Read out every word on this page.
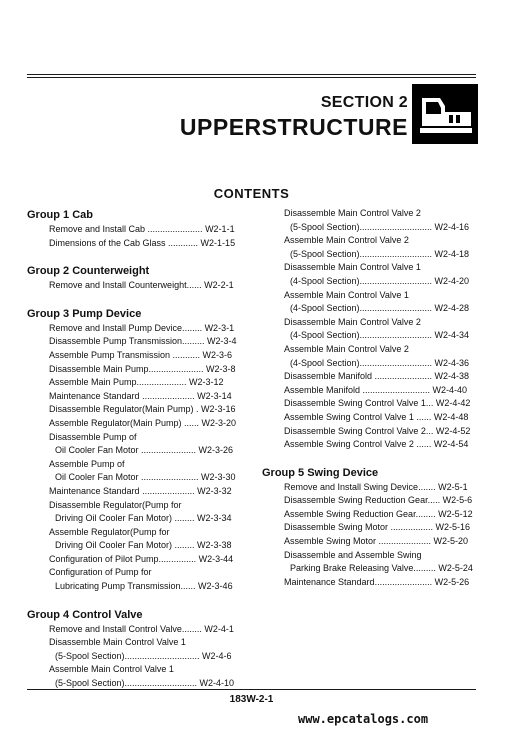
SECTION 2
UPPERSTRUCTURE
CONTENTS
Group 1 Cab
Remove and Install Cab ...................... W2-1-1
Dimensions of the Cab Glass ............ W2-1-15
Group 2 Counterweight
Remove and Install Counterweight...... W2-2-1
Group 3 Pump Device
Remove and Install Pump Device........ W2-3-1
Disassemble Pump Transmission......... W2-3-4
Assemble Pump Transmission ........... W2-3-6
Disassemble Main Pump...................... W2-3-8
Assemble Main Pump.................... W2-3-12
Maintenance Standard ..................... W2-3-14
Disassemble Regulator(Main Pump) . W2-3-16
Assemble Regulator(Main Pump) ...... W2-3-20
Disassemble Pump of
Oil Cooler Fan Motor ...................... W2-3-26
Assemble Pump of
Oil Cooler Fan Motor ....................... W2-3-30
Maintenance Standard ..................... W2-3-32
Disassemble Regulator(Pump for
Driving Oil Cooler Fan Motor) ........ W2-3-34
Assemble Regulator(Pump for
Driving Oil Cooler Fan Motor) ........ W2-3-38
Configuration of Pilot Pump............... W2-3-44
Configuration of Pump for
Lubricating Pump Transmission...... W2-3-46
Group 4 Control Valve
Remove and Install Control Valve........ W2-4-1
Disassemble Main Control Valve 1
(5-Spool Section).............................. W2-4-6
Assemble Main Control Valve 1
(5-Spool Section)............................. W2-4-10
Disassemble Main Control Valve 2
(5-Spool Section)............................. W2-4-16
Assemble Main Control Valve 2
(5-Spool Section)............................. W2-4-18
Disassemble Main Control Valve 1
(4-Spool Section)............................. W2-4-20
Assemble Main Control Valve 1
(4-Spool Section)............................. W2-4-28
Disassemble Main Control Valve 2
(4-Spool Section)............................. W2-4-34
Assemble Main Control Valve 2
(4-Spool Section)............................. W2-4-36
Disassemble Manifold ....................... W2-4-38
Assemble Manifold ........................... W2-4-40
Disassemble Swing Control Valve 1... W2-4-42
Assemble Swing Control Valve 1 ...... W2-4-48
Disassemble Swing Control Valve 2... W2-4-52
Assemble Swing Control Valve 2 ...... W2-4-54
Group 5 Swing Device
Remove and Install Swing Device....... W2-5-1
Disassemble Swing Reduction Gear..... W2-5-6
Assemble Swing Reduction Gear........ W2-5-12
Disassemble Swing Motor ................. W2-5-16
Assemble Swing Motor ..................... W2-5-20
Disassemble and Assemble Swing
Parking Brake Releasing Valve......... W2-5-24
Maintenance Standard....................... W2-5-26
183W-2-1
www.epcatalogs.com
